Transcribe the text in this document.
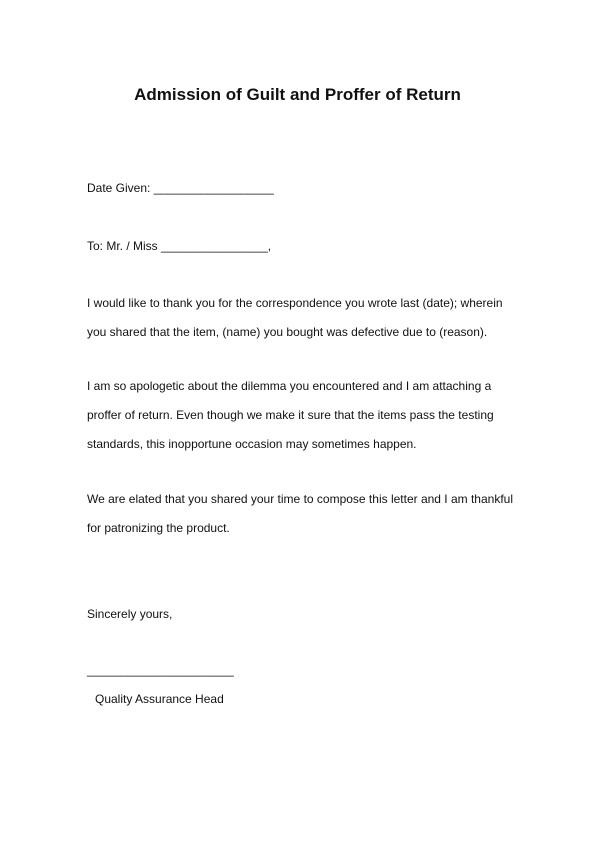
Admission of Guilt and Proffer of Return
Date Given: __________________
To: Mr. / Miss ________________,
I would like to thank you for the correspondence you wrote last (date); wherein
you shared that the item, (name) you bought was defective due to (reason).
I am so apologetic about the dilemma you encountered and I am attaching a
proffer of return. Even though we make it sure that the items pass the testing
standards, this inopportune occasion may sometimes happen.
We are elated that you shared your time to compose this letter and I am thankful
for patronizing the product.
Sincerely yours,
______________________
Quality Assurance Head
